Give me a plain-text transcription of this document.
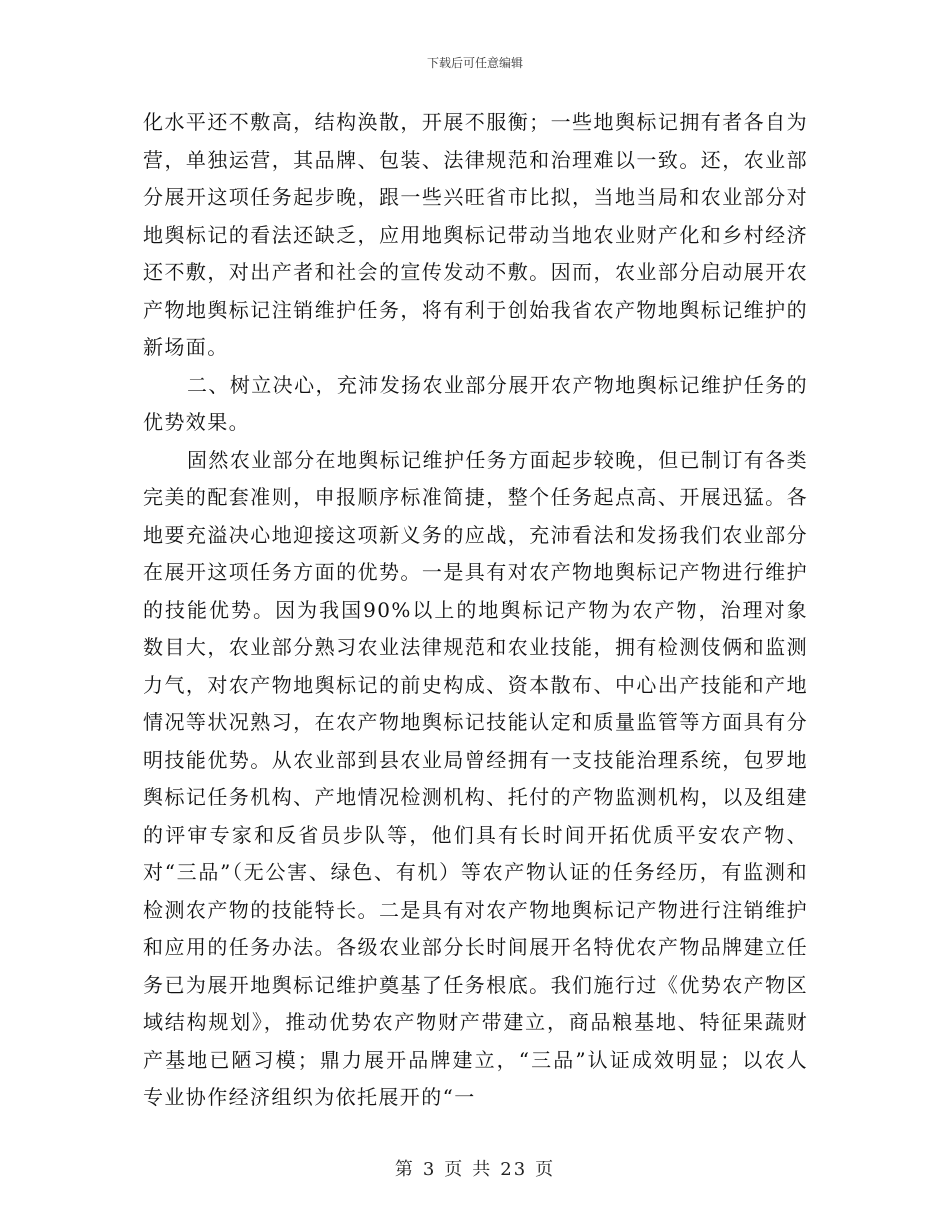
下载后可任意编辑

化水平还不敷高，结构涣散，开展不服衡；一些地舆标记拥有者各自为营，单独运营，其品牌、包装、法律规范和治理难以一致。还，农业部分展开这项任务起步晚，跟一些兴旺省市比拟，当地当局和农业部分对地舆标记的看法还缺乏，应用地舆标记带动当地农业财产化和乡村经济还不敷，对出产者和社会的宣传发动不敷。因而，农业部分启动展开农产物地舆标记注销维护任务，将有利于创始我省农产物地舆标记维护的新场面。

二、树立决心，充沛发扬农业部分展开农产物地舆标记维护任务的优势效果。

固然农业部分在地舆标记维护任务方面起步较晚，但已制订有各类完美的配套准则，申报顺序标准简捷，整个任务起点高、开展迅猛。各地要充溢决心地迎接这项新义务的应战，充沛看法和发扬我们农业部分在展开这项任务方面的优势。一是具有对农产物地舆标记产物进行维护的技能优势。因为我国90%以上的地舆标记产物为农产物，治理对象数目大，农业部分熟习农业法律规范和农业技能，拥有检测伎俩和监测力气，对农产物地舆标记的前史构成、资本散布、中心出产技能和产地情况等状况熟习，在农产物地舆标记技能认定和质量监管等方面具有分明技能优势。从农业部到县农业局曾经拥有一支技能治理系统，包罗地舆标记任务机构、产地情况检测机构、托付的产物监测机构，以及组建的评审专家和反省员步队等，他们具有长时间开拓优质平安农产物、对“三品”（无公害、绿色、有机）等农产物认证的任务经历，有监测和检测农产物的技能特长。二是具有对农产物地舆标记产物进行注销维护和应用的任务办法。各级农业部分长时间展开名特优农产物品牌建立任务已为展开地舆标记维护奠基了任务根底。我们施行过《优势农产物区域结构规划》，推动优势农产物财产带建立，商品粮基地、特征果蔬财产基地已陋习模；鼎力展开品牌建立，“三品”认证成效明显；以农人专业协作经济组织为依托展开的“一

第 3 页 共 23 页
